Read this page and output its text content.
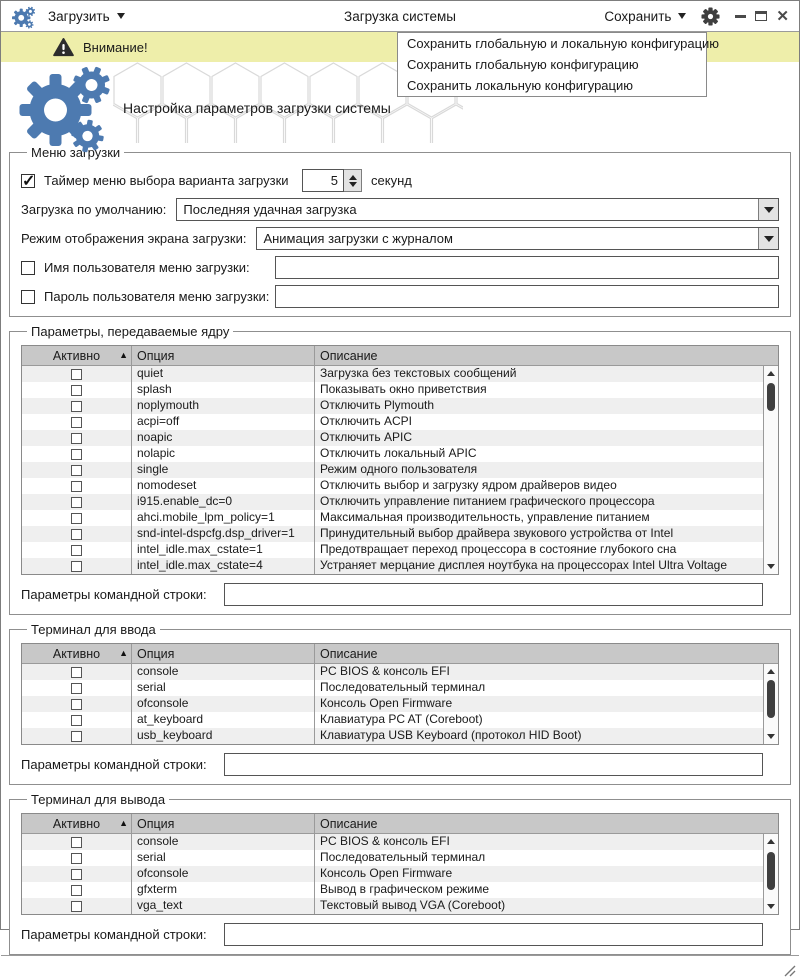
Загрузить	Загрузка системы	Сохранить	✕
Внимание!	Сохранить глобальную и локальную конфигурацию
Сохранить глобальную конфигурацию
Сохранить локальную конфигурацию
Настройка параметров загрузки системы
Меню загрузки
✓
Таймер меню выбора варианта загрузки	5	секунд
Загрузка по умолчанию:	Последняя удачная загрузка
Режим отображения экрана загрузки:	Анимация загрузки с журналом
Имя пользователя меню загрузки:
Пароль пользователя меню загрузки:
Параметры, передаваемые ядру
Активно ▲ Опция	Описание
quiet	Загрузка без текстовых сообщений
splash	Показывать окно приветствия
noplymouth	Отключить Plymouth
acpi=off	Отключить ACPI
noapic	Отключить APIC
nolapic	Отключить локальный APIC
single	Режим одного пользователя
nomodeset	Отключить выбор и загрузку ядром драйверов видео
i915.enable_dc=0	Отключить управление питанием графического процессора
ahci.mobile_lpm_policy=1	Максимальная производительность, управление питанием
snd-intel-dspcfg.dsp_driver=1	Принудительный выбор драйвера звукового устройства от Intel
intel_idle.max_cstate=1	Предотвращает переход процессора в состояние глубокого сна
intel_idle.max_cstate=4	Устраняет мерцание дисплея ноутбука на процессорах Intel Ultra Voltage
Параметры командной строки:
Терминал для ввода
Активно ▲ Опция	Описание
console	PC BIOS & консоль EFI
serial	Последовательный терминал
ofconsole	Консоль Open Firmware
at_keyboard	Клавиатура PC AT (Coreboot)
usb_keyboard	Клавиатура USB Keyboard (протокол HID Boot)
Параметры командной строки:
Терминал для вывода
Активно ▲ Опция	Описание
console	PC BIOS & консоль EFI
serial	Последовательный терминал
ofconsole	Консоль Open Firmware
gfxterm	Вывод в графическом режиме
vga_text	Текстовый вывод VGA (Coreboot)
Параметры командной строки:
